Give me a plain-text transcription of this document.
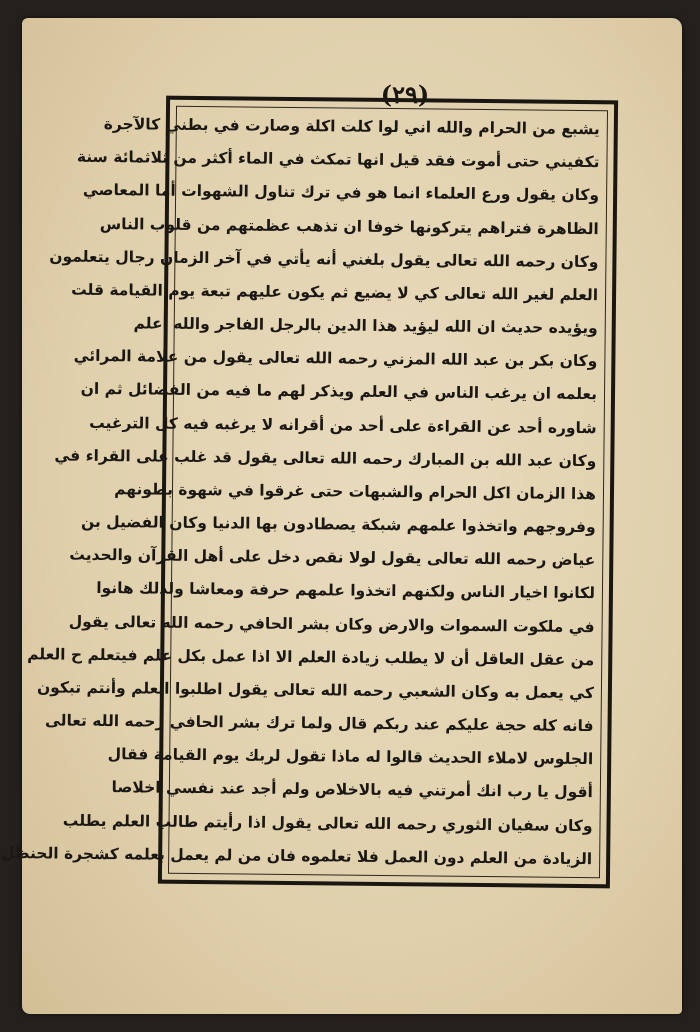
(٢٩)
يشبع من الحرام والله اني لوا كلت اكلة وصارت في بطني كالآجرة
تكفيني حتى أموت فقد قيل انها تمكث في الماء أكثر من ثلاثمائة سنة
وكان يقول ورع العلماء انما هو في ترك تناول الشهوات أما المعاصي
الظاهرة فتراهم يتركونها خوفا ان تذهب عظمتهم من قلوب الناس
وكان رحمه الله تعالى يقول بلغني أنه يأتي في آخر الزمان رجال يتعلمون
العلم لغير الله تعالى كي لا يضيع ثم يكون عليهم تبعة يوم القيامة قلت
ويؤيده حديث ان الله ليؤيد هذا الدين بالرجل الفاجر والله أعلم
وكان بكر بن عبد الله المزني رحمه الله تعالى يقول من علامة المرائي
بعلمه ان يرغب الناس في العلم ويذكر لهم ما فيه من الفضائل ثم ان
شاوره أحد عن القراءة على أحد من أقرانه لا يرغبه فيه كل الترغيب
وكان عبد الله بن المبارك رحمه الله تعالى يقول قد غلب على القراء في
هذا الزمان اكل الحرام والشبهات حتى غرقوا في شهوة بطونهم
وفروجهم واتخذوا علمهم شبكة يصطادون بها الدنيا وكان الفضيل بن
عياض رحمه الله تعالى يقول لولا نقص دخل على أهل القرآن والحديث
لكانوا اخيار الناس ولكنهم اتخذوا علمهم حرفة ومعاشا ولذلك هانوا
في ملكوت السموات والارض وكان بشر الحافي رحمه الله تعالى يقول
من عقل العاقل أن لا يطلب زيادة العلم الا اذا عمل بكل علم فيتعلم ح العلم
كي يعمل به وكان الشعبي رحمه الله تعالى يقول اطلبوا العلم وأنتم تبكون
فانه كله حجة عليكم عند ربكم قال ولما ترك بشر الحافي رحمه الله تعالى
الجلوس لاملاء الحديث قالوا له ماذا تقول لربك يوم القيامة فقال
أقول يا رب انك أمرتني فيه بالاخلاص ولم أجد عند نفسي اخلاصا
وكان سفيان الثوري رحمه الله تعالى يقول اذا رأيتم طالب العلم يطلب
الزيادة من العلم دون العمل فلا تعلموه فان من لم يعمل بعلمه كشجرة الحنظل
